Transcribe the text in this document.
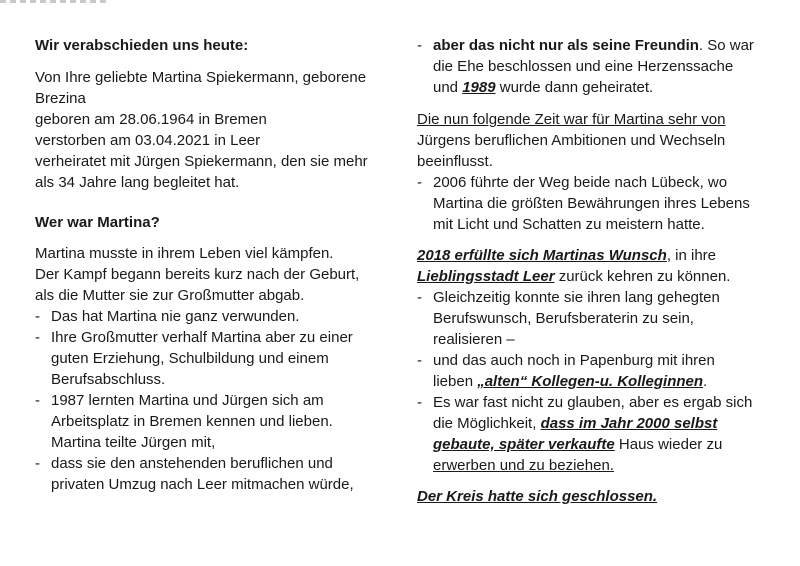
Wir verabschieden uns heute:
Von Ihre geliebte Martina Spiekermann, geborene
Brezina
geboren am 28.06.1964 in Bremen
verstorben am 03.04.2021 in Leer
verheiratet mit Jürgen Spiekermann, den sie mehr
als 34 Jahre lang begleitet hat.
Wer war Martina?
Martina musste in ihrem Leben viel kämpfen.
Der Kampf begann bereits kurz nach der Geburt,
als die Mutter sie zur Großmutter abgab.
- Das hat Martina nie ganz verwunden.
- Ihre Großmutter verhalf Martina aber zu einer
guten Erziehung, Schulbildung und einem
Berufsabschluss.
- 1987 lernten Martina und Jürgen sich am
Arbeitsplatz in Bremen kennen und lieben.
Martina teilte Jürgen mit,
- dass sie den anstehenden beruflichen und
privaten Umzug nach Leer mitmachen würde,
- aber das nicht nur als seine Freundin. So war
die Ehe beschlossen und eine Herzenssache
und 1989 wurde dann geheiratet.
Die nun folgende Zeit war für Martina sehr von
Jürgens beruflichen Ambitionen und Wechseln
beeinflusst.
- 2006 führte der Weg beide nach Lübeck, wo
Martina die größten Bewährungen ihres Lebens
mit Licht und Schatten zu meistern hatte.
2018 erfüllte sich Martinas Wunsch, in ihre
Lieblingsstadt Leer zurück kehren zu können.
- Gleichzeitig konnte sie ihren lang gehegten
Berufswunsch, Berufsberaterin zu sein,
realisieren –
- und das auch noch in Papenburg mit ihren
lieben „alten“ Kollegen-u. Kolleginnen.
- Es war fast nicht zu glauben, aber es ergab sich
die Möglichkeit, dass im Jahr 2000 selbst
gebaute, später verkaufte Haus wieder zu
erwerben und zu beziehen.
Der Kreis hatte sich geschlossen.
